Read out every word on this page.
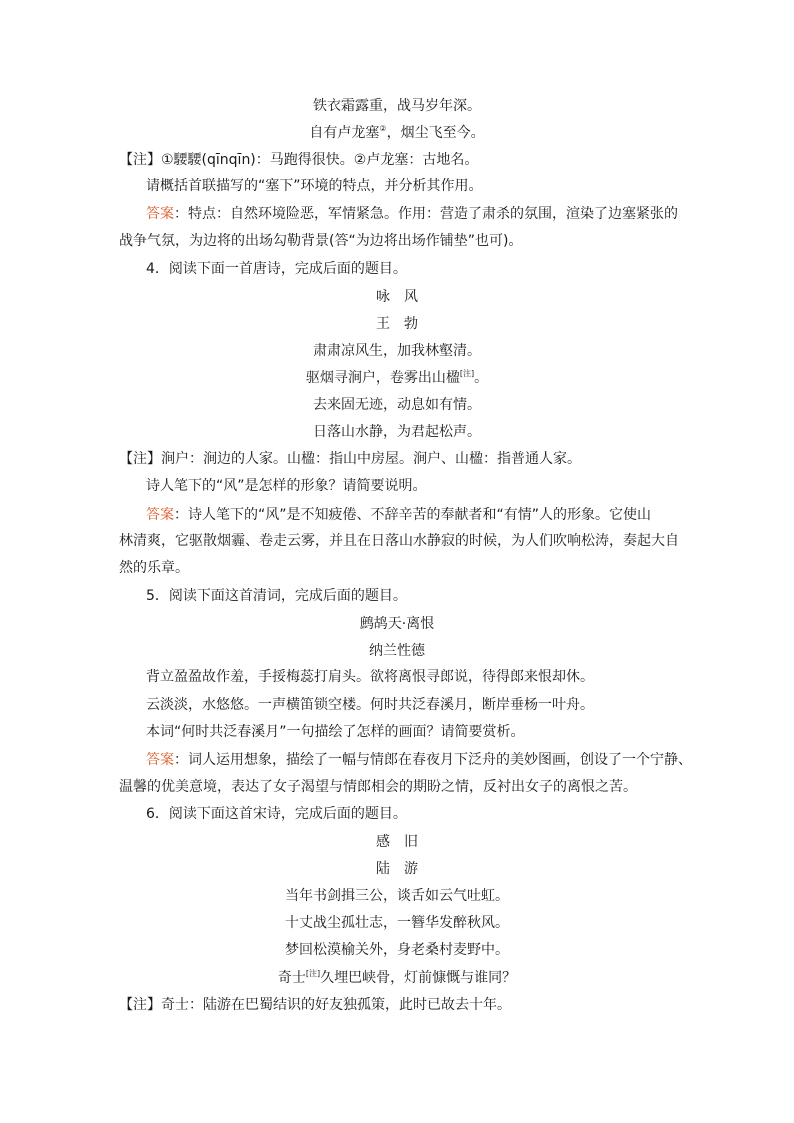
铁衣霜露重，战马岁年深。
自有卢龙塞②，烟尘飞至今。
【注】①騕騕(qīnqīn)：马跑得很快。②卢龙塞：古地名。
请概括首联描写的“塞下”环境的特点，并分析其作用。
答案：特点：自然环境险恶，军情紧急。作用：营造了肃杀的氛围，渲染了边塞紧张的
战争气氛，为边将的出场勾勒背景(答“为边将出场作铺垫”也可)。
4．阅读下面一首唐诗，完成后面的题目。
咏　风
王　勃
肃肃凉风生，加我林壑清。
驱烟寻涧户，卷雾出山楹[注]。
去来固无迹，动息如有情。
日落山水静，为君起松声。
【注】涧户：涧边的人家。山楹：指山中房屋。涧户、山楹：指普通人家。
诗人笔下的“风”是怎样的形象？请简要说明。
答案：诗人笔下的“风”是不知疲倦、不辞辛苦的奉献者和“有情”人的形象。它使山
林清爽，它驱散烟霾、卷走云雾，并且在日落山水静寂的时候，为人们吹响松涛，奏起大自
然的乐章。
5．阅读下面这首清词，完成后面的题目。
鹧鸪天·离恨
纳兰性德
背立盈盈故作羞，手挼梅蕊打肩头。欲将离恨寻郎说，待得郎来恨却休。
云淡淡，水悠悠。一声横笛锁空楼。何时共泛春溪月，断岸垂杨一叶舟。
本词“何时共泛春溪月”一句描绘了怎样的画面？请简要赏析。
答案：词人运用想象，描绘了一幅与情郎在春夜月下泛舟的美妙图画，创设了一个宁静、
温馨的优美意境，表达了女子渴望与情郎相会的期盼之情，反衬出女子的离恨之苦。
6．阅读下面这首宋诗，完成后面的题目。
感　旧
陆　游
当年书剑揖三公，谈舌如云气吐虹。
十丈战尘孤壮志，一簪华发醉秋风。
梦回松漠榆关外，身老桑村麦野中。
奇士[注]久埋巴峡骨，灯前慷慨与谁同？
【注】奇士：陆游在巴蜀结识的好友独孤策，此时已故去十年。
